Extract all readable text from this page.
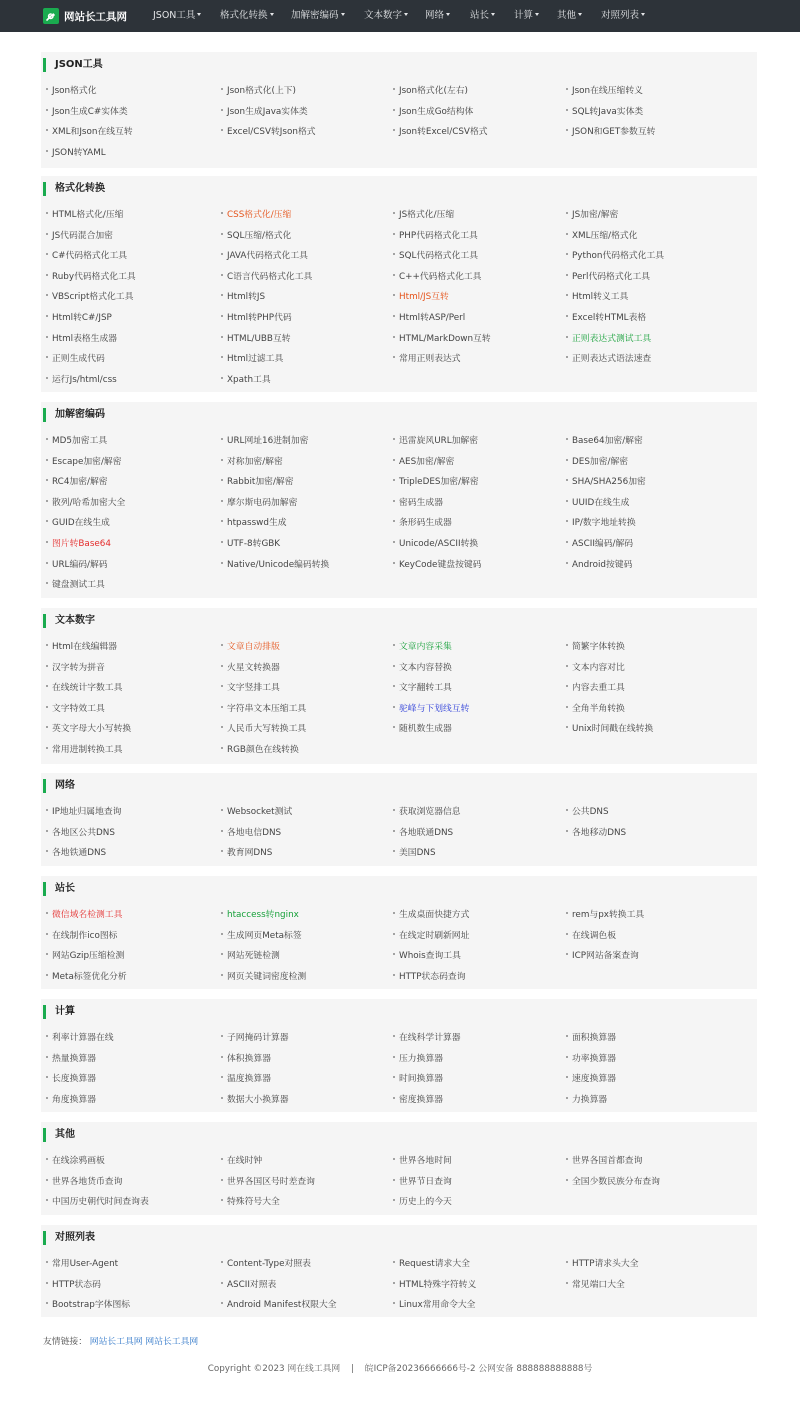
网站长工具网	JSON工具	格式化转换	加解密编码	文本数字	网络	站长	计算	其他	对照列表
JSON工具
Json格式化	Json格式化(上下)	Json格式化(左右)	Json在线压缩转义
Json生成C#实体类	Json生成Java实体类	Json生成Go结构体	SQL转Java实体类
XML和Json在线互转	Excel/CSV转Json格式	Json转Excel/CSV格式	JSON和GET参数互转
JSON转YAML
格式化转换
HTML格式化/压缩	CSS格式化/压缩	JS格式化/压缩	JS加密/解密
JS代码混合加密	SQL压缩/格式化	PHP代码格式化工具	XML压缩/格式化
C#代码格式化工具	JAVA代码格式化工具	SQL代码格式化工具	Python代码格式化工具
Ruby代码格式化工具	C语言代码格式化工具	C++代码格式化工具	Perl代码格式化工具
VBScript格式化工具	Html转JS	Html/JS互转	Html转义工具
Html转C#/JSP	Html转PHP代码	Html转ASP/Perl	Excel转HTML表格
Html表格生成器	HTML/UBB互转	HTML/MarkDown互转	正则表达式测试工具
正则生成代码	Html过滤工具	常用正则表达式	正则表达式语法速查
运行Js/html/css	Xpath工具
加解密编码
MD5加密工具	URL网址16进制加密	迅雷旋风URL加解密	Base64加密/解密
Escape加密/解密	对称加密/解密	AES加密/解密	DES加密/解密
RC4加密/解密	Rabbit加密/解密	TripleDES加密/解密	SHA/SHA256加密
散列/哈希加密大全	摩尔斯电码加解密	密码生成器	UUID在线生成
GUID在线生成	htpasswd生成	条形码生成器	IP/数字地址转换
图片转Base64	UTF-8转GBK	Unicode/ASCII转换	ASCII编码/解码
URL编码/解码	Native/Unicode编码转换	KeyCode键盘按键码	Android按键码
键盘测试工具
文本数字
Html在线编辑器	文章自动排版	文章内容采集	简繁字体转换
汉字转为拼音	火星文转换器	文本内容替换	文本内容对比
在线统计字数工具	文字竖排工具	文字翻转工具	内容去重工具
文字特效工具	字符串文本压缩工具	驼峰与下划线互转	全角半角转换
英文字母大小写转换	人民币大写转换工具	随机数生成器	Unix时间戳在线转换
常用进制转换工具	RGB颜色在线转换
网络
IP地址归属地查询	Websocket测试	获取浏览器信息	公共DNS
各地区公共DNS	各地电信DNS	各地联通DNS	各地移动DNS
各地铁通DNS	教育网DNS	美国DNS
站长
微信域名检测工具	htaccess转nginx	生成桌面快捷方式	rem与px转换工具
在线制作ico图标	生成网页Meta标签	在线定时刷新网址	在线调色板
网站Gzip压缩检测	网站死链检测	Whois查询工具	ICP网站备案查询
Meta标签优化分析	网页关键词密度检测	HTTP状态码查询
计算
利率计算器在线	子网掩码计算器	在线科学计算器	面积换算器
热量换算器	体积换算器	压力换算器	功率换算器
长度换算器	温度换算器	时间换算器	速度换算器
角度换算器	数据大小换算器	密度换算器	力换算器
其他
在线涂鸦画板	在线时钟	世界各地时间	世界各国首都查询
世界各地货币查询	世界各国区号时差查询	世界节日查询	全国少数民族分布查询
中国历史朝代时间查询表	特殊符号大全	历史上的今天
对照列表
常用User-Agent	Content-Type对照表	Request请求大全	HTTP请求头大全
HTTP状态码	ASCII对照表	HTML特殊字符转义	常见端口大全
Bootstrap字体图标	Android Manifest权限大全	Linux常用命令大全
友情链接： 网站长工具网 网站长工具网
Copyright ©2023 网在线工具网 | 皖ICP备20236666666号-2 公网安备 888888888888号
